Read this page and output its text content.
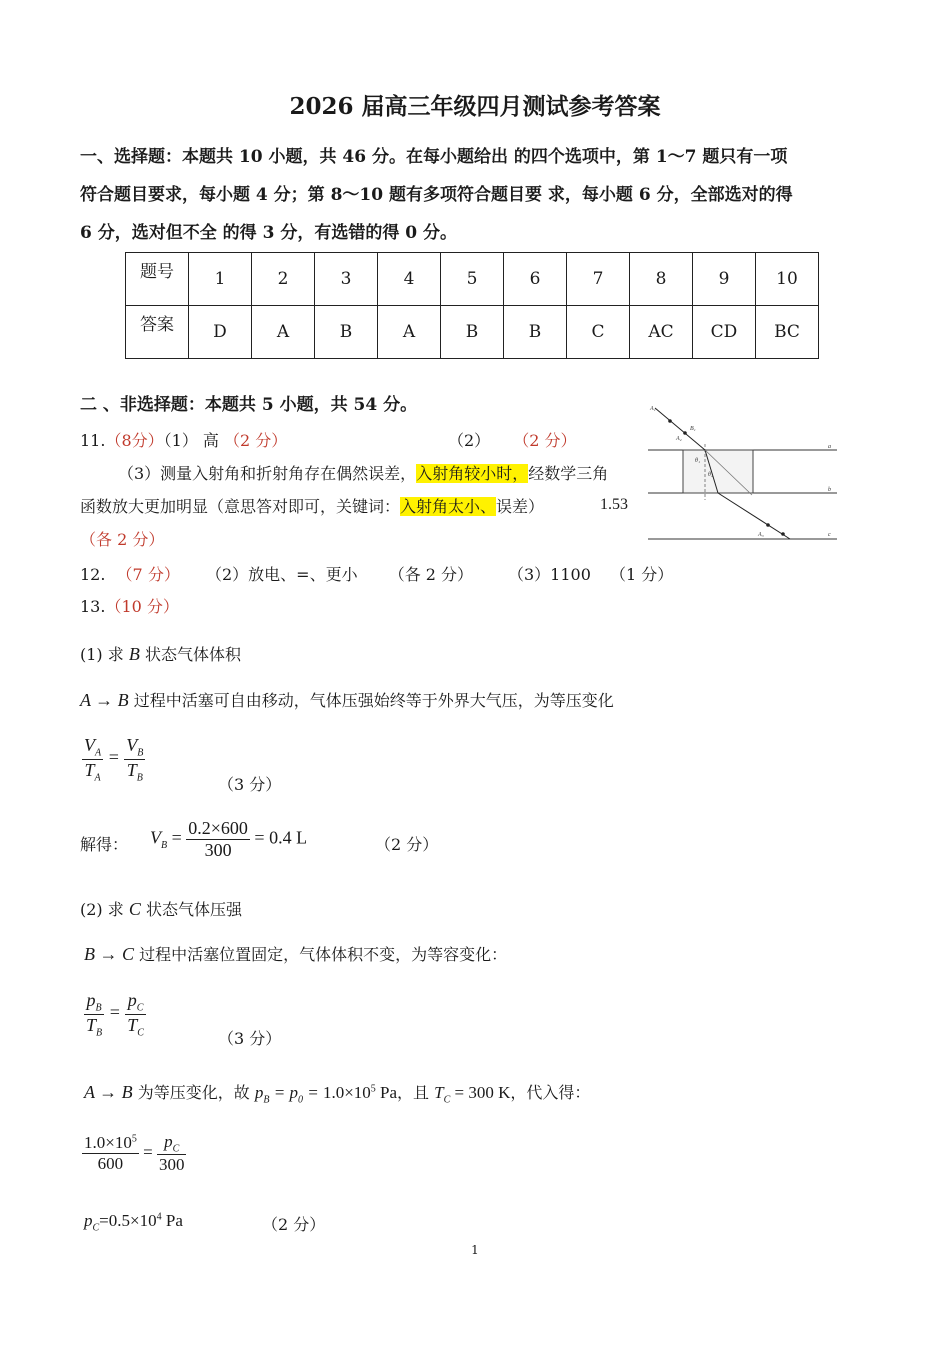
2026 届高三年级四月测试参考答案
一、选择题：本题共 10 小题，共 46 分。在每小题给出 的四个选项中，第 1～7 题只有一项
符合题目要求，每小题 4 分；第 8～10 题有多项符合题目要 求，每小题 6 分，全部选对的得
6 分，选对但不全 的得 3 分，有选错的得 0 分。
题号	1	2	3	4	5	6	7	8	9	10
答案	D	A	B	A	B	B	C	AC	CD	BC
二 、非选择题：本题共 5 小题，共 54 分。
11.（8分）（1） 高 （2 分）	（2） （2 分）
（3）测量入射角和折射角存在偶然误差，入射角较小时，经数学三角
函数放大更加明显（意思答对即可，关键词：入射角太小、误差）	1.53
（各 2 分）
A₁
B₁
A₂
θ₁
θ₂
a
b
A₃	c
12. （7 分） （2）放电、=、更小 （各 2 分） （3）1100 （1 分）
13.（10 分）
(1) 求 B 状态气体体积
A → B 过程中活塞可自由移动，气体压强始终等于外界大气压，为等压变化
$\frac{V_A}{T_A} = \frac{V_B}{T_B}$
（3 分）
解得： $V_B = \frac{0.2\times 600}{300} = 0.4$ L	（2 分）
(2) 求 C 状态气体压强
B → C 过程中活塞位置固定，气体体积不变，为等容变化：
$\frac{p_B}{T_B} = \frac{p_C}{T_C}$
（3 分）
A → B 为等压变化，故 $p_B = p_0 = 1.0\times 10^5$ Pa，且 $T_C = 300$ K，代入得：
$\frac{1.0\times 10^5}{600} = \frac{p_C}{300}$
$p_C=0.5\times 10^4$ Pa	（2 分）
1
